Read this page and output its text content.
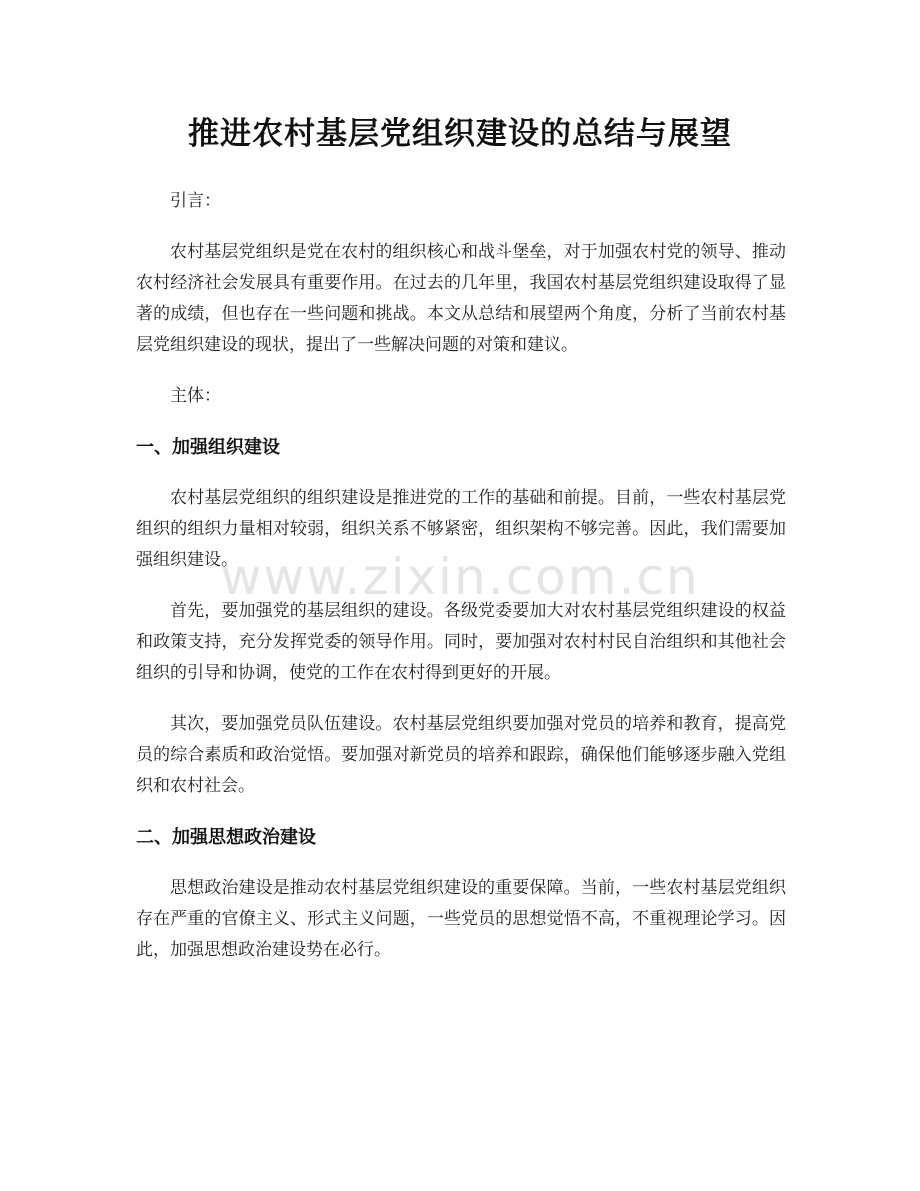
推进农村基层党组织建设的总结与展望

引言：

农村基层党组织是党在农村的组织核心和战斗堡垒，对于加强农村党的领导、推动农村经济社会发展具有重要作用。在过去的几年里，我国农村基层党组织建设取得了显著的成绩，但也存在一些问题和挑战。本文从总结和展望两个角度，分析了当前农村基层党组织建设的现状，提出了一些解决问题的对策和建议。

主体：

一、加强组织建设

农村基层党组织的组织建设是推进党的工作的基础和前提。目前，一些农村基层党组织的组织力量相对较弱，组织关系不够紧密，组织架构不够完善。因此，我们需要加强组织建设。

首先，要加强党的基层组织的建设。各级党委要加大对农村基层党组织建设的权益和政策支持，充分发挥党委的领导作用。同时，要加强对农村村民自治组织和其他社会组织的引导和协调，使党的工作在农村得到更好的开展。

其次，要加强党员队伍建设。农村基层党组织要加强对党员的培养和教育，提高党员的综合素质和政治觉悟。要加强对新党员的培养和跟踪，确保他们能够逐步融入党组织和农村社会。

二、加强思想政治建设

思想政治建设是推动农村基层党组织建设的重要保障。当前，一些农村基层党组织存在严重的官僚主义、形式主义问题，一些党员的思想觉悟不高，不重视理论学习。因此，加强思想政治建设势在必行。

www.zixin.com.cn
